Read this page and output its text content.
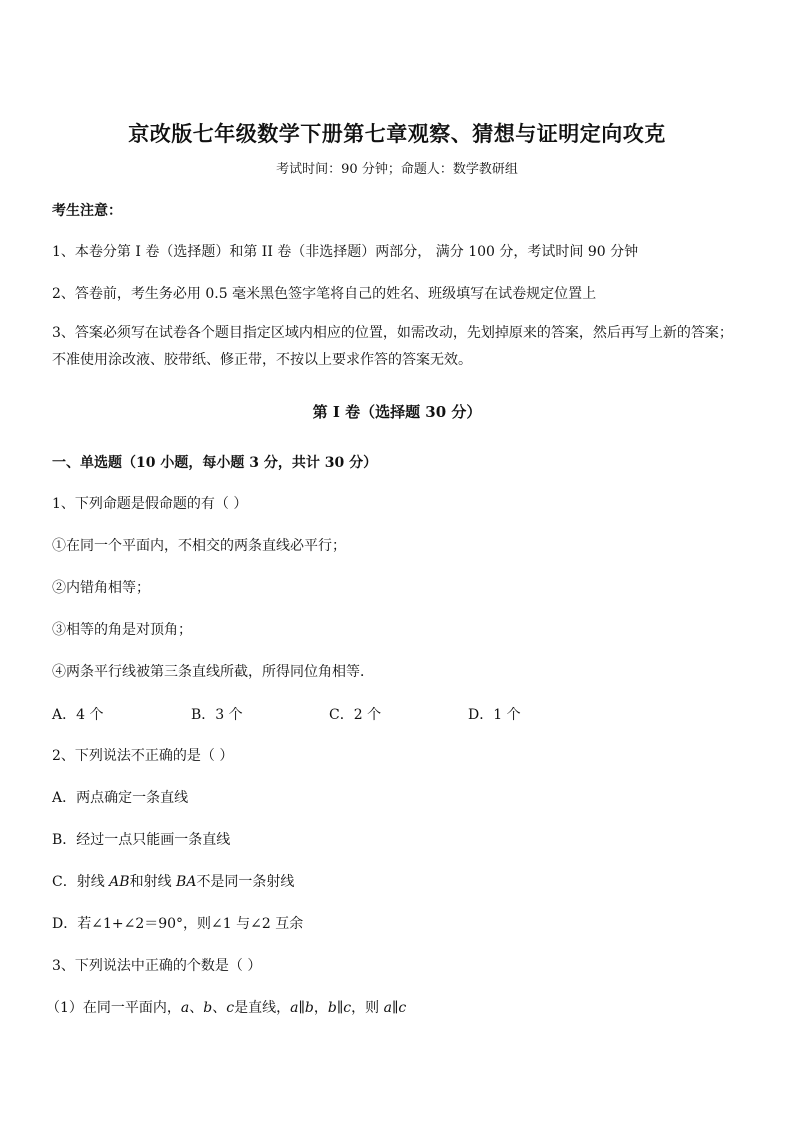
京改版七年级数学下册第七章观察、猜想与证明定向攻克
考试时间：90 分钟；命题人：数学教研组
考生注意：
1、本卷分第 I 卷（选择题）和第 II 卷（非选择题）两部分， 满分 100 分，考试时间 90 分钟
2、答卷前，考生务必用 0.5 毫米黑色签字笔将自己的姓名、班级填写在试卷规定位置上
3、答案必须写在试卷各个题目指定区域内相应的位置，如需改动，先划掉原来的答案，然后再写上新的答案；不准使用涂改液、胶带纸、修正带，不按以上要求作答的答案无效。
第 I 卷（选择题 30 分）
一、单选题（10 小题，每小题 3 分，共计 30 分）
1、下列命题是假命题的有（ ）
①在同一个平面内，不相交的两条直线必平行；
②内错角相等；
③相等的角是对顶角；
④两条平行线被第三条直线所截，所得同位角相等．
A．4 个	B．3 个	C．2 个	D．1 个
2、下列说法不正确的是（ ）
A．两点确定一条直线
B．经过一点只能画一条直线
C．射线 AB和射线 BA不是同一条射线
D．若∠1+∠2＝90°，则∠1 与∠2 互余
3、下列说法中正确的个数是（ ）
（1）在同一平面内，a、b、c是直线，a∥b，b∥c，则 a∥c
